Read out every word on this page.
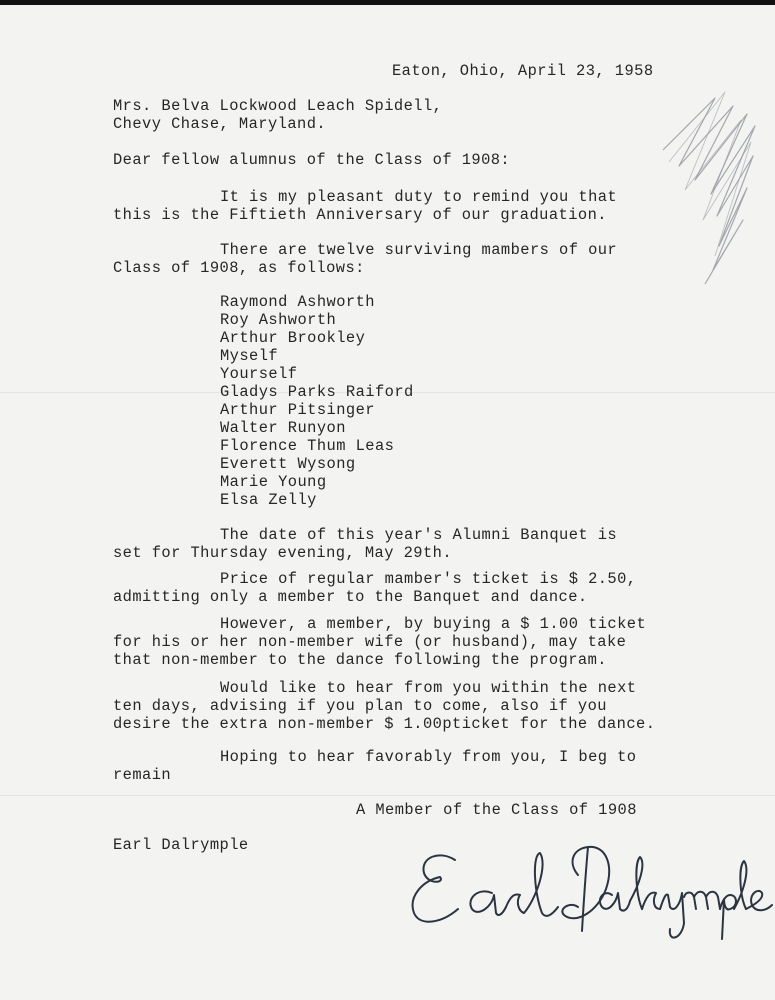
Eaton, Ohio, April 23, 1958

Mrs. Belva Lockwood Leach Spidell,

Chevy Chase, Maryland.

Dear fellow alumnus of the Class of 1908:

It is my pleasant duty to remind you that

this is the Fiftieth Anniversary of our graduation.

There are twelve surviving mambers of our

Class of 1908, as follows:

Raymond Ashworth

Roy Ashworth

Arthur Brookley

Myself

Yourself

Gladys Parks Raiford

Arthur Pitsinger

Walter Runyon

Florence Thum Leas

Everett Wysong

Marie Young

Elsa Zelly

The date of this year's Alumni Banquet is

set for Thursday evening, May 29th.

Price of regular mamber's ticket is $ 2.50,

admitting only a member to the Banquet and dance.

However, a member, by buying a $ 1.00 ticket

for his or her non-member wife (or husband), may take

that non-member to the dance following the program.

Would like to hear from you within the next

ten days, advising if you plan to come, also if you

desire the extra non-member $ 1.00pticket for the dance.

Hoping to hear favorably from you, I beg to

remain

A Member of the Class of 1908

Earl Dalrymple
